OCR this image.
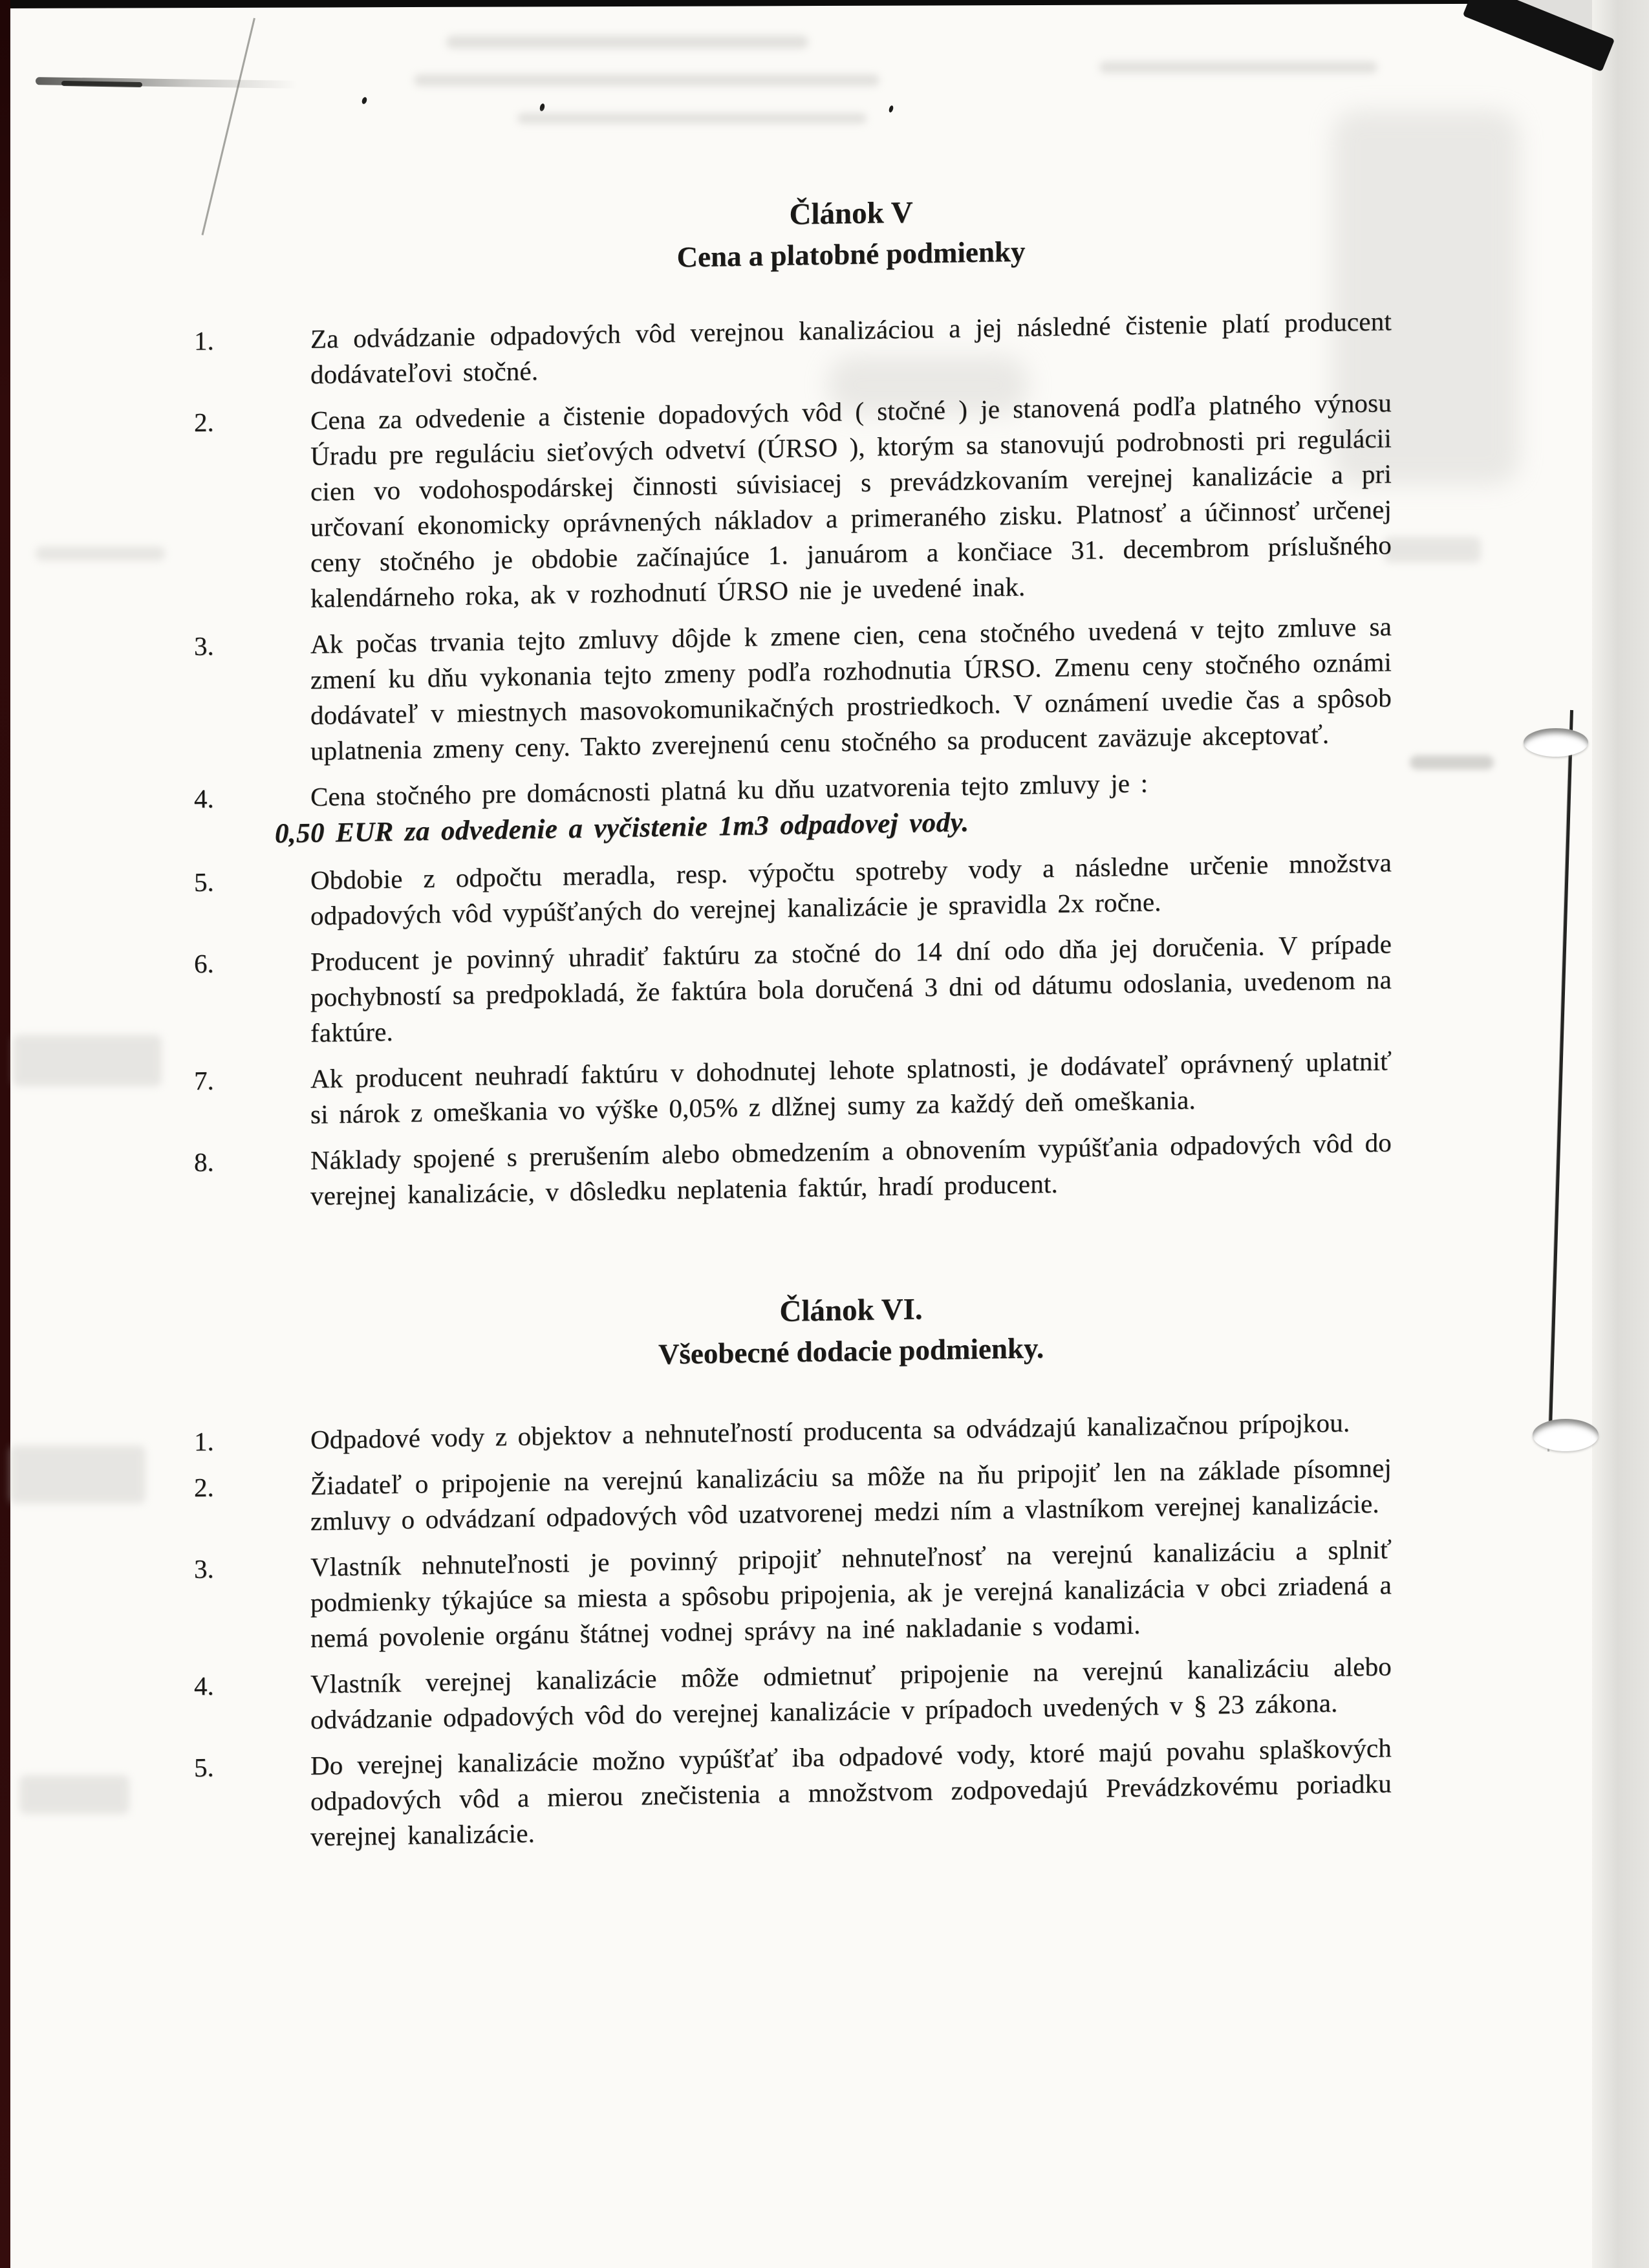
Článok V
Cena a platobné podmienky
1.	Za odvádzanie odpadových vôd verejnou kanalizáciou a jej následné čistenie platí producent dodávateľovi stočné.
2.	Cena za odvedenie a čistenie dopadových vôd ( stočné ) je stanovená podľa platného výnosu Úradu pre reguláciu sieťových odvetví (ÚRSO ), ktorým sa stanovujú podrobnosti pri regulácii cien vo vodohospodárskej činnosti súvisiacej s prevádzkovaním verejnej kanalizácie a pri určovaní ekonomicky oprávnených nákladov a primeraného zisku. Platnosť a účinnosť určenej ceny stočného je obdobie začínajúce 1. januárom a končiace 31. decembrom príslušného kalendárneho roka, ak v rozhodnutí ÚRSO nie je uvedené inak.
3.	Ak počas trvania tejto zmluvy dôjde k zmene cien, cena stočného uvedená v tejto zmluve sa zmení ku dňu vykonania tejto zmeny podľa rozhodnutia ÚRSO. Zmenu ceny stočného oznámi dodávateľ v miestnych masovokomunikačných prostriedkoch. V oznámení uvedie čas a spôsob uplatnenia zmeny ceny. Takto zverejnenú cenu stočného sa producent zaväzuje akceptovať.
4.	Cena stočného pre domácnosti platná ku dňu uzatvorenia tejto zmluvy je :
0,50 EUR za odvedenie a vyčistenie 1m3 odpadovej vody.
5.	Obdobie z odpočtu meradla, resp. výpočtu spotreby vody a následne určenie množstva odpadových vôd vypúšťaných do verejnej kanalizácie je spravidla 2x ročne.
6.	Producent je povinný uhradiť faktúru za stočné do 14 dní odo dňa jej doručenia. V prípade pochybností sa predpokladá, že faktúra bola doručená 3 dni od dátumu odoslania, uvedenom na faktúre.
7.	Ak producent neuhradí faktúru v dohodnutej lehote splatnosti, je dodávateľ oprávnený uplatniť si nárok z omeškania vo výške 0,05% z dlžnej sumy za každý deň omeškania.
8.	Náklady spojené s prerušením alebo obmedzením a obnovením vypúšťania odpadových vôd do verejnej kanalizácie, v dôsledku neplatenia faktúr, hradí producent.
Článok VI.
Všeobecné dodacie podmienky.
1.	Odpadové vody z objektov a nehnuteľností producenta sa odvádzajú kanalizačnou prípojkou.
2.	Žiadateľ o pripojenie na verejnú kanalizáciu sa môže na ňu pripojiť len na základe písomnej zmluvy o odvádzaní odpadových vôd uzatvorenej medzi ním a vlastníkom verejnej kanalizácie.
3.	Vlastník nehnuteľnosti je povinný pripojiť nehnuteľnosť na verejnú kanalizáciu a splniť podmienky týkajúce sa miesta a spôsobu pripojenia, ak je verejná kanalizácia v obci zriadená a nemá povolenie orgánu štátnej vodnej správy na iné nakladanie s vodami.
4.	Vlastník verejnej kanalizácie môže odmietnuť pripojenie na verejnú kanalizáciu alebo odvádzanie odpadových vôd do verejnej kanalizácie v prípadoch uvedených v § 23 zákona.
5.	Do verejnej kanalizácie možno vypúšťať iba odpadové vody, ktoré majú povahu splaškových odpadových vôd a mierou znečistenia a množstvom zodpovedajú Prevádzkovému poriadku verejnej kanalizácie.
